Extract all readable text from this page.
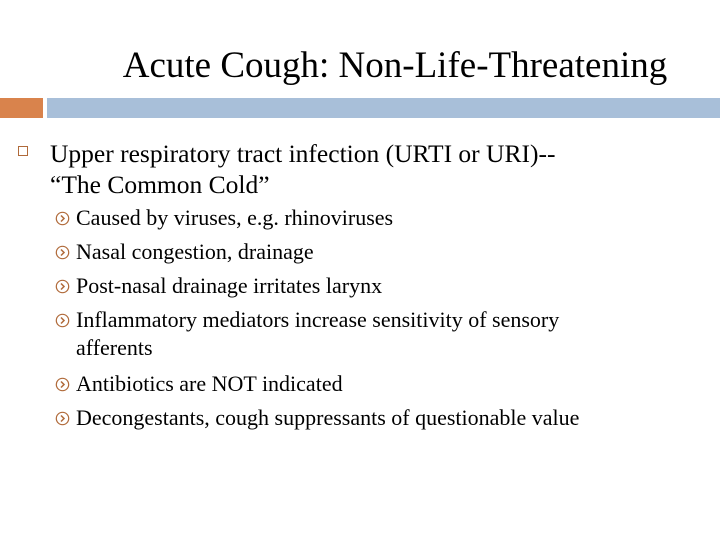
Acute Cough: Non-Life-Threatening
Upper respiratory tract infection (URTI or URI)--
“The Common Cold”
Caused by viruses, e.g. rhinoviruses
Nasal congestion, drainage
Post-nasal drainage irritates larynx
Inflammatory mediators increase sensitivity of sensory
afferents
Antibiotics are NOT indicated
Decongestants, cough suppressants of questionable value
